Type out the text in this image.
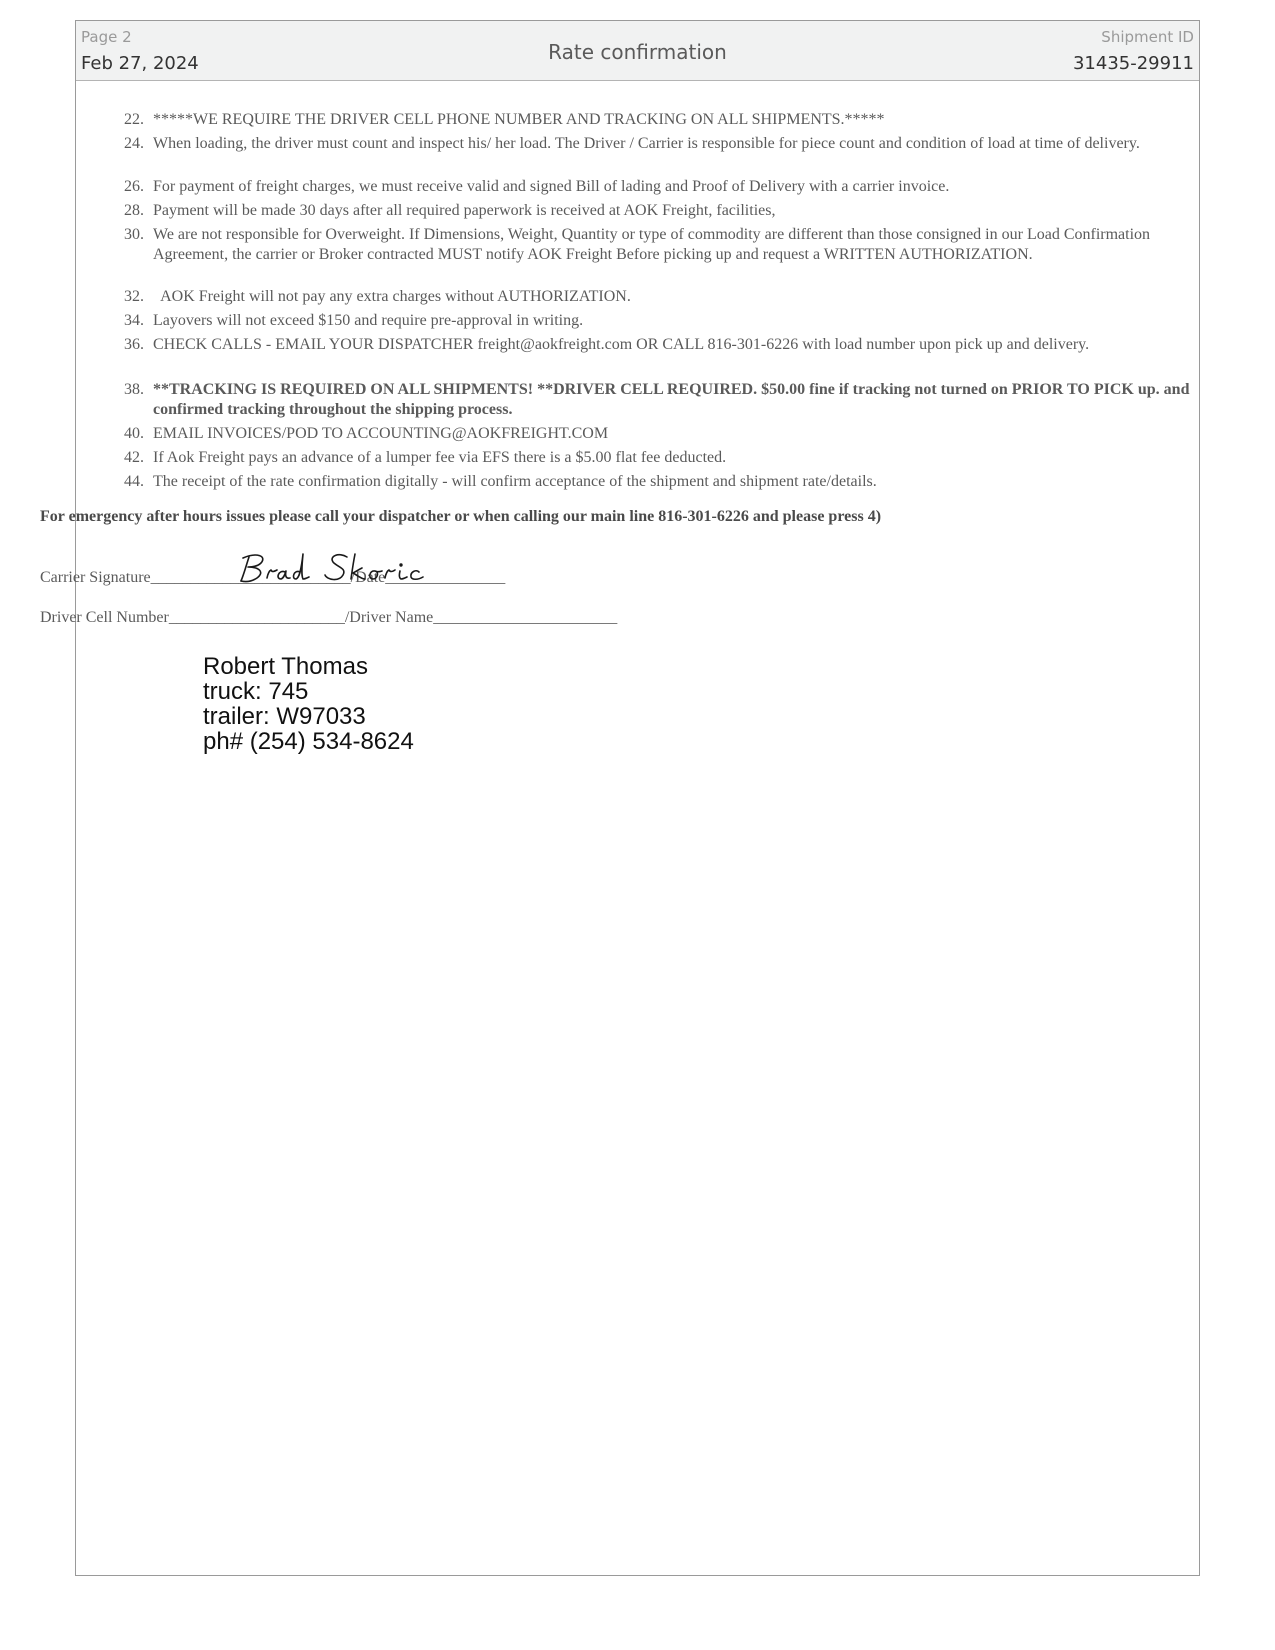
Page 2
Feb 27, 2024	Rate confirmation
Shipment ID
31435-29911
22. *****WE REQUIRE THE DRIVER CELL PHONE NUMBER AND TRACKING ON ALL SHIPMENTS.*****
24. When loading, the driver must count and inspect his/ her load. The Driver / Carrier is responsible for piece count and condition of load at time of delivery.
26. For payment of freight charges, we must receive valid and signed Bill of lading and Proof of Delivery with a carrier invoice.
28. Payment will be made 30 days after all required paperwork is received at AOK Freight, facilities,
30. We are not responsible for Overweight. If Dimensions, Weight, Quantity or type of commodity are different than those consigned in our Load Confirmation Agreement, the carrier or Broker contracted MUST notify AOK Freight Before picking up and request a WRITTEN AUTHORIZATION.
32. AOK Freight will not pay any extra charges without AUTHORIZATION.
34. Layovers will not exceed $150 and require pre-approval in writing.
36. CHECK CALLS - EMAIL YOUR DISPATCHER freight@aokfreight.com OR CALL 816-301-6226 with load number upon pick up and delivery.
38. **TRACKING IS REQUIRED ON ALL SHIPMENTS! **DRIVER CELL REQUIRED. $50.00 fine if tracking not turned on PRIOR TO PICK up. and confirmed tracking throughout the shipping process.
40. EMAIL INVOICES/POD TO ACCOUNTING@AOKFREIGHT.COM
42. If Aok Freight pays an advance of a lumper fee via EFS there is a $5.00 flat fee deducted.
44. The receipt of the rate confirmation digitally - will confirm acceptance of the shipment and shipment rate/details.
For emergency after hours issues please call your dispatcher or when calling our main line 816-301-6226 and please press 4)
Carrier Signature_________________________/Date_______________
Driver Cell Number______________________/Driver Name_______________________
Robert Thomas
truck: 745
trailer: W97033
ph# (254) 534-8624
